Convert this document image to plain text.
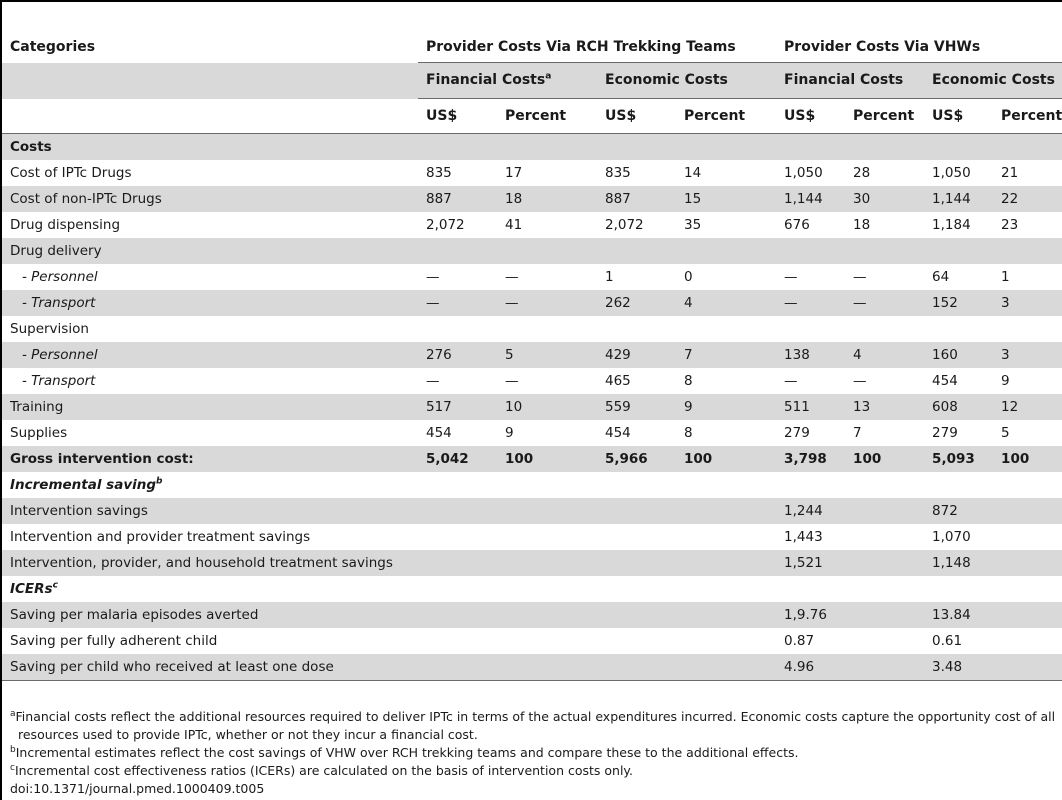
Categories	Provider Costs Via RCH Trekking Teams				Provider Costs Via VHWs			
	Financial Costs$^a$		Economic Costs		Financial Costs		Economic Costs	
	US$	Percent	US$	Percent	US$	Percent	US$	Percent
Costs								
Cost of IPTc Drugs	835	17	835	14	1,050	28	1,050	21
Cost of non-IPTc Drugs	887	18	887	15	1,144	30	1,144	22
Drug dispensing	2,072	41	2,072	35	676	18	1,184	23
Drug delivery								
- Personnel	—	—	1	0	—	—	64	1
- Transport	—	—	262	4	—	—	152	3
Supervision								
- Personnel	276	5	429	7	138	4	160	3
- Transport	—	—	465	8	—	—	454	9
Training	517	10	559	9	511	13	608	12
Supplies	454	9	454	8	279	7	279	5
Gross intervention cost:	5,042	100	5,966	100	3,798	100	5,093	100
Incremental saving$^b$								
Intervention savings					1,244		872	
Intervention and provider treatment savings					1,443		1,070	
Intervention, provider, and household treatment savings					1,521		1,148	
ICERs$^c$								
Saving per malaria episodes averted					1,9.76		13.84	
Saving per fully adherent child					0.87		0.61	
Saving per child who received at least one dose					4.96		3.48	

$^a$Financial costs reflect the additional resources required to deliver IPTc in terms of the actual expenditures incurred. Economic costs capture the opportunity cost of all

resources used to provide IPTc, whether or not they incur a financial cost.

$^b$Incremental estimates reflect the cost savings of VHW over RCH trekking teams and compare these to the additional effects.

$^c$Incremental cost effectiveness ratios (ICERs) are calculated on the basis of intervention costs only.

doi:10.1371/journal.pmed.1000409.t005
